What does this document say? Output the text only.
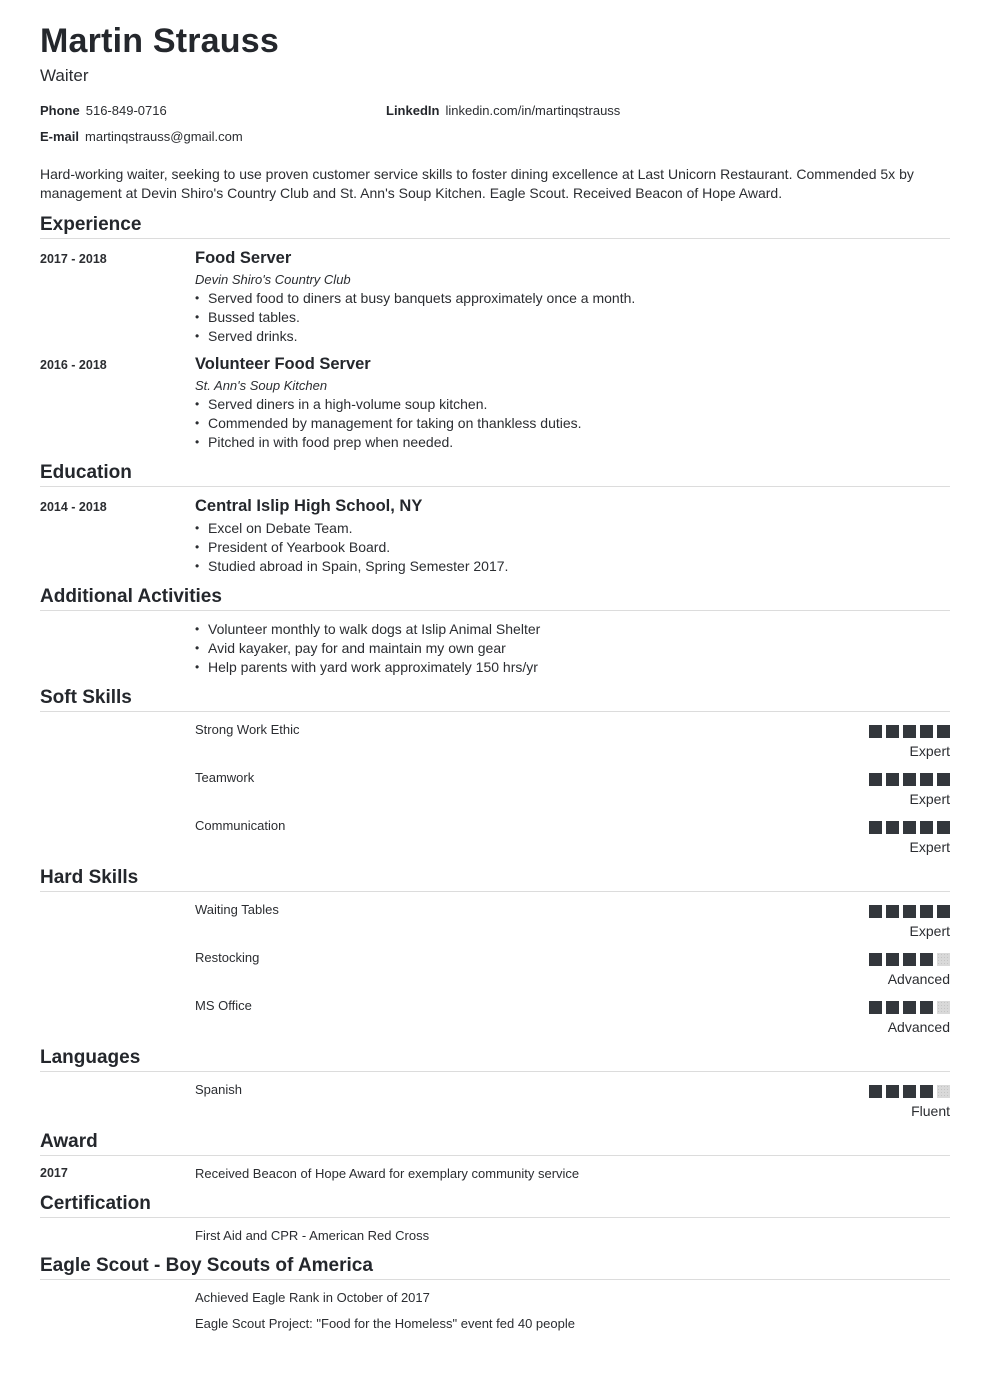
Martin Strauss
Waiter
Phone 516-849-0716	LinkedIn linkedin.com/in/martinqstrauss
E-mail martinqstrauss@gmail.com
Hard-working waiter, seeking to use proven customer service skills to foster dining excellence at Last Unicorn Restaurant. Commended 5x by management at Devin Shiro's Country Club and St. Ann's Soup Kitchen. Eagle Scout. Received Beacon of Hope Award.
Experience
2017 - 2018	Food Server
Devin Shiro's Country Club
• Served food to diners at busy banquets approximately once a month.
• Bussed tables.
• Served drinks.
2016 - 2018	Volunteer Food Server
St. Ann's Soup Kitchen
• Served diners in a high-volume soup kitchen.
• Commended by management for taking on thankless duties.
• Pitched in with food prep when needed.
Education
2014 - 2018	Central Islip High School, NY
• Excel on Debate Team.
• President of Yearbook Board.
• Studied abroad in Spain, Spring Semester 2017.
Additional Activities
• Volunteer monthly to walk dogs at Islip Animal Shelter
• Avid kayaker, pay for and maintain my own gear
• Help parents with yard work approximately 150 hrs/yr
Soft Skills
Strong Work Ethic
Expert
Teamwork
Expert
Communication
Expert
Hard Skills
Waiting Tables
Expert
Restocking
Advanced
MS Office
Advanced
Languages
Spanish
Fluent
Award
2017	Received Beacon of Hope Award for exemplary community service
Certification
First Aid and CPR - American Red Cross
Eagle Scout - Boy Scouts of America
Achieved Eagle Rank in October of 2017
Eagle Scout Project: "Food for the Homeless" event fed 40 people
